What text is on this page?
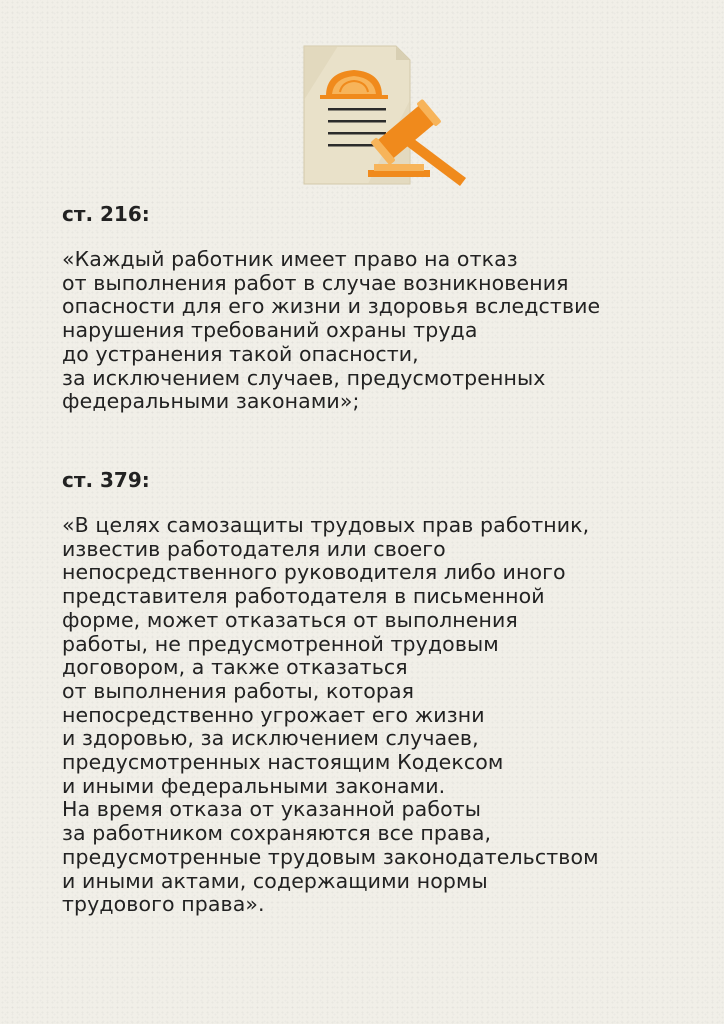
ст. 216:

«Каждый работник имеет право на отказ
от выполнения работ в случае возникновения
опасности для его жизни и здоровья вследствие
нарушения требований охраны труда
до устранения такой опасности,
за исключением случаев, предусмотренных
федеральными законами»;

ст. 379:

«В целях самозащиты трудовых прав работник,
известив работодателя или своего
непосредственного руководителя либо иного
представителя работодателя в письменной
форме, может отказаться от выполнения
работы, не предусмотренной трудовым
договором, а также отказаться
от выполнения работы, которая
непосредственно угрожает его жизни
и здоровью, за исключением случаев,
предусмотренных настоящим Кодексом
и иными федеральными законами.
На время отказа от указанной работы
за работником сохраняются все права,
предусмотренные трудовым законодательством
и иными актами, содержащими нормы
трудового права».
